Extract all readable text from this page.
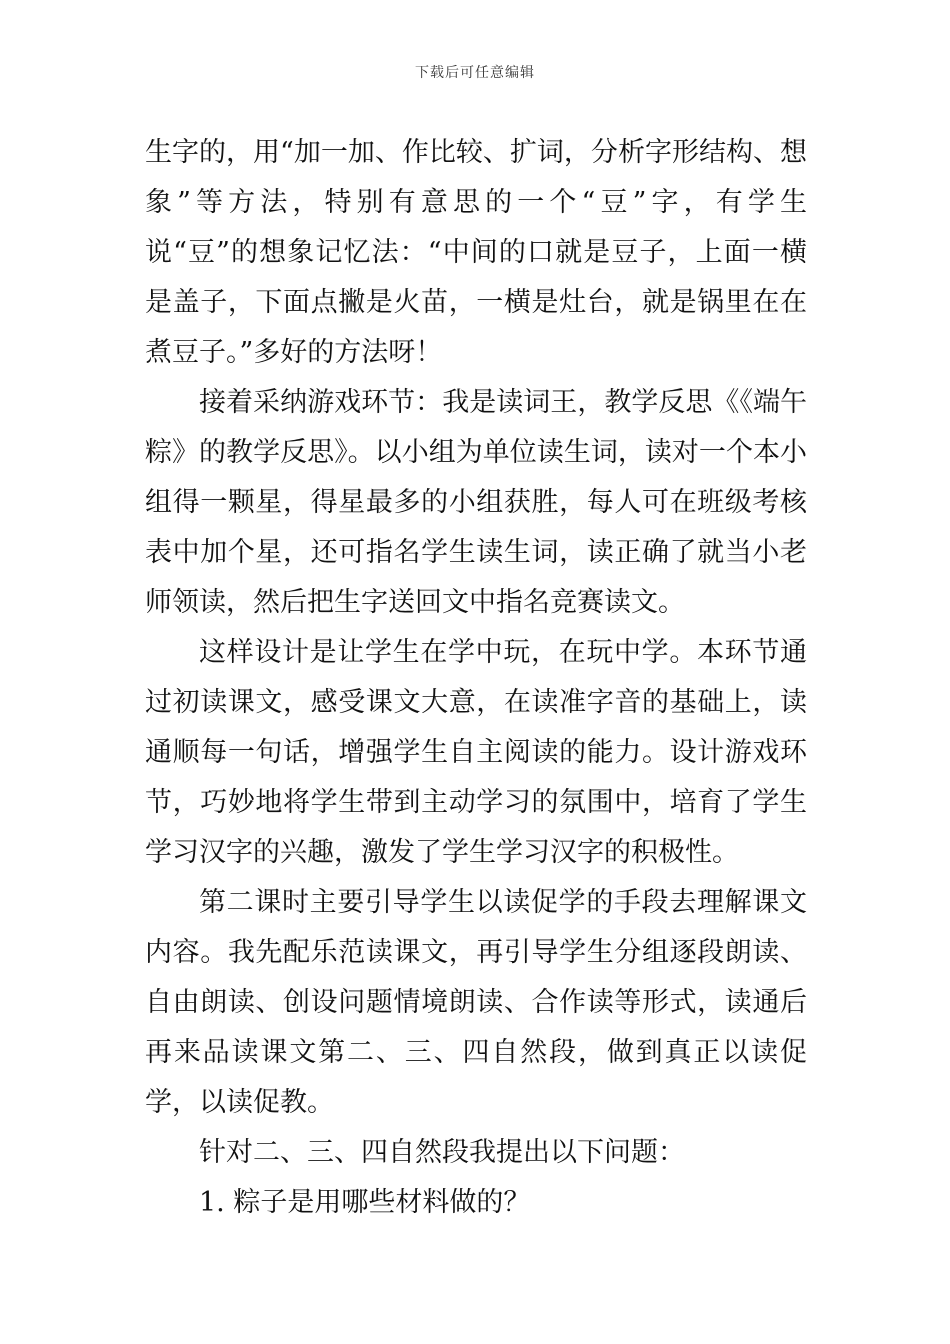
下载后可任意编辑

生字的，用“加一加、作比较、扩词，分析字形结构、想象”等方法，特别有意思的一个“豆”字，有学生说“豆”的想象记忆法：“中间的口就是豆子，上面一横是盖子，下面点撇是火苗，一横是灶台，就是锅里在在煮豆子。”多好的方法呀！

接着采纳游戏环节：我是读词王，教学反思《《端午粽》的教学反思》。以小组为单位读生词，读对一个本小组得一颗星，得星最多的小组获胜，每人可在班级考核表中加个星，还可指名学生读生词，读正确了就当小老师领读，然后把生字送回文中指名竞赛读文。

这样设计是让学生在学中玩，在玩中学。本环节通过初读课文，感受课文大意，在读准字音的基础上，读通顺每一句话，增强学生自主阅读的能力。设计游戏环节，巧妙地将学生带到主动学习的氛围中，培育了学生学习汉字的兴趣，激发了学生学习汉字的积极性。

第二课时主要引导学生以读促学的手段去理解课文内容。我先配乐范读课文，再引导学生分组逐段朗读、自由朗读、创设问题情境朗读、合作读等形式，读通后再来品读课文第二、三、四自然段，做到真正以读促学，以读促教。

针对二、三、四自然段我提出以下问题：

1. 粽子是用哪些材料做的？
